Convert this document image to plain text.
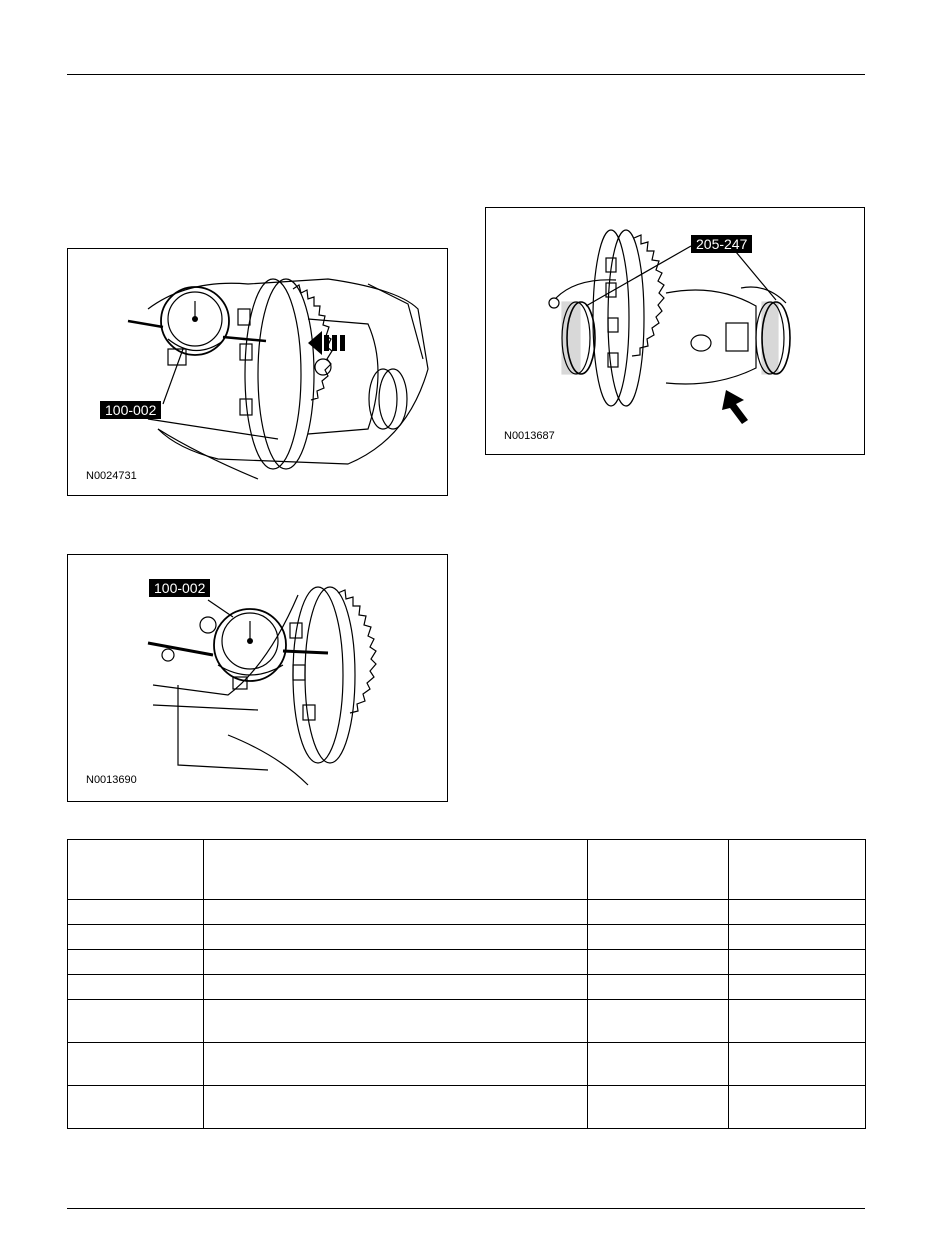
100-002
N0024731
205-247
N0013687
100-002
N0013690
